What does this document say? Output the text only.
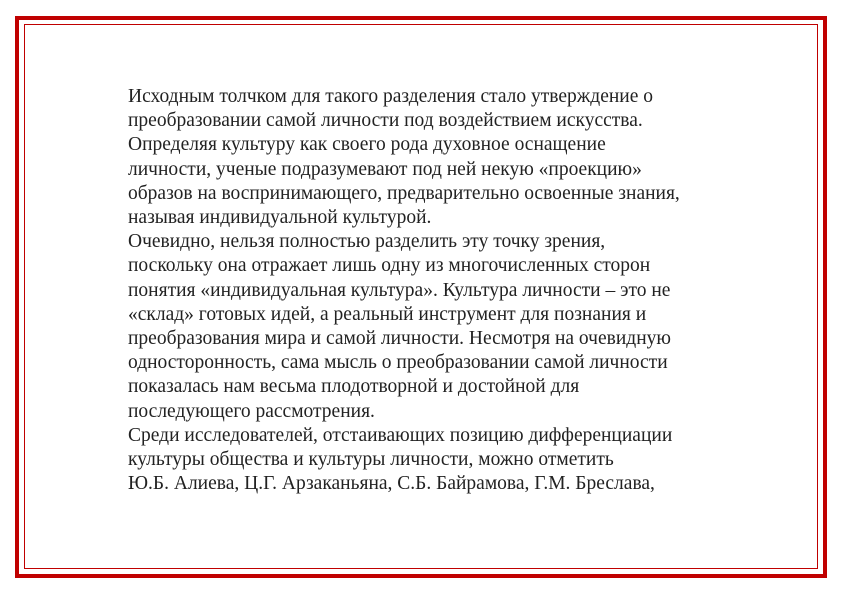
Исходным толчком для такого разделения стало утверждение о
преобразовании самой личности под воздействием искусства.
Определяя культуру как своего рода духовное оснащение
личности, ученые подразумевают под ней некую «проекцию»
образов на воспринимающего, предварительно освоенные знания,
называя индивидуальной культурой.

Очевидно, нельзя полностью разделить эту точку зрения,
поскольку она отражает лишь одну из многочисленных сторон
понятия «индивидуальная культура». Культура личности – это не
«склад» готовых идей, а реальный инструмент для познания и
преобразования мира и самой личности. Несмотря на очевидную
односторонность, сама мысль о преобразовании самой личности
показалась нам весьма плодотворной и достойной для
последующего рассмотрения.

Среди исследователей, отстаивающих позицию дифференциации
культуры общества и культуры личности, можно отметить
Ю.Б. Алиева, Ц.Г. Арзаканьяна, С.Б. Байрамова, Г.М. Бреслава,
